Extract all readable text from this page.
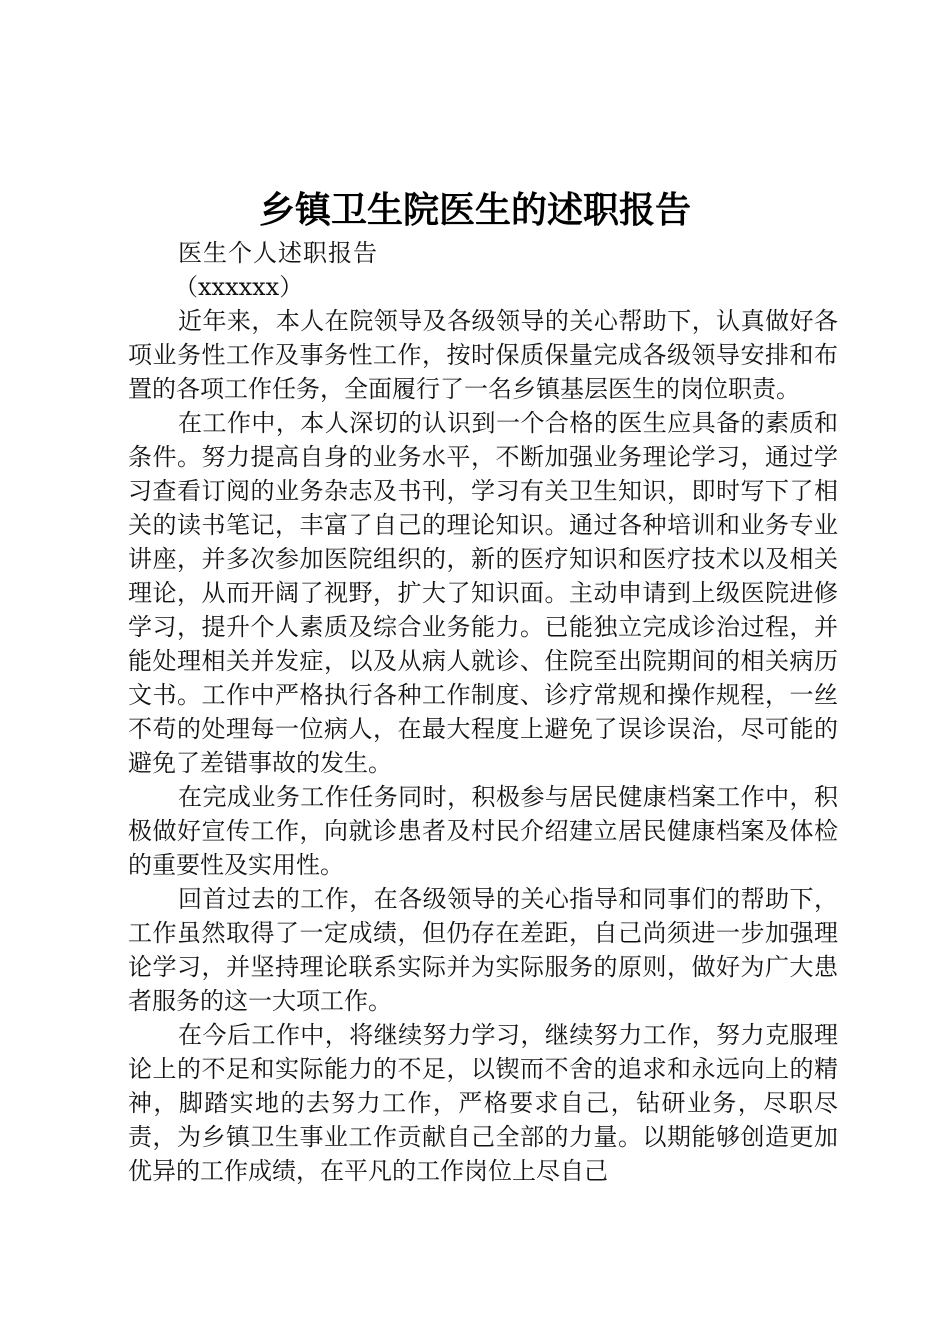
乡镇卫生院医生的述职报告

医生个人述职报告

（xxxxxx）

近年来，本人在院领导及各级领导的关心帮助下，认真做好各项业务性工作及事务性工作，按时保质保量完成各级领导安排和布置的各项工作任务，全面履行了一名乡镇基层医生的岗位职责。

在工作中，本人深切的认识到一个合格的医生应具备的素质和条件。努力提高自身的业务水平，不断加强业务理论学习，通过学习查看订阅的业务杂志及书刊，学习有关卫生知识，即时写下了相关的读书笔记，丰富了自己的理论知识。通过各种培训和业务专业讲座，并多次参加医院组织的，新的医疗知识和医疗技术以及相关理论，从而开阔了视野，扩大了知识面。主动申请到上级医院进修学习，提升个人素质及综合业务能力。已能独立完成诊治过程，并能处理相关并发症，以及从病人就诊、住院至出院期间的相关病历文书。工作中严格执行各种工作制度、诊疗常规和操作规程，一丝不苟的处理每一位病人，在最大程度上避免了误诊误治，尽可能的避免了差错事故的发生。

在完成业务工作任务同时，积极参与居民健康档案工作中，积极做好宣传工作，向就诊患者及村民介绍建立居民健康档案及体检的重要性及实用性。

回首过去的工作，在各级领导的关心指导和同事们的帮助下，工作虽然取得了一定成绩，但仍存在差距，自己尚须进一步加强理论学习，并坚持理论联系实际并为实际服务的原则，做好为广大患者服务的这一大项工作。

在今后工作中，将继续努力学习，继续努力工作，努力克服理论上的不足和实际能力的不足，以锲而不舍的追求和永远向上的精神，脚踏实地的去努力工作，严格要求自己，钻研业务，尽职尽责，为乡镇卫生事业工作贡献自己全部的力量。以期能够创造更加优异的工作成绩，在平凡的工作岗位上尽自己
